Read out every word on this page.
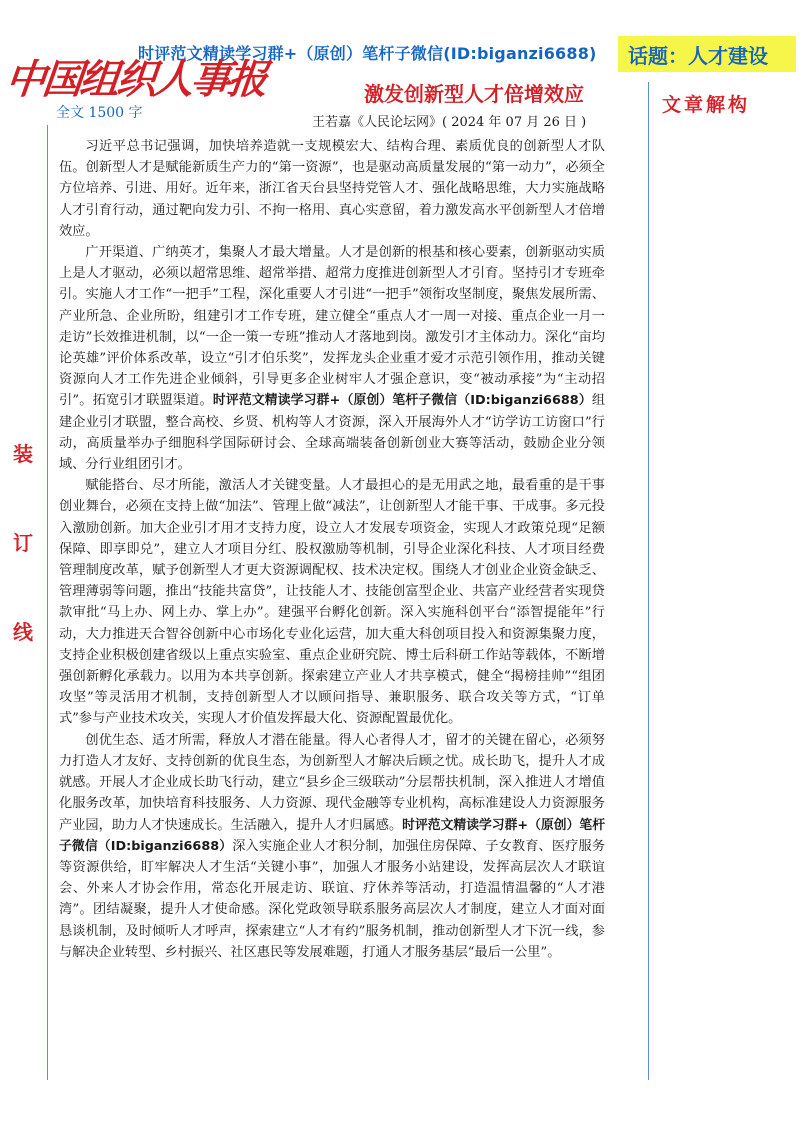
时评范文精读学习群+（原创）笔杆子微信(ID:biganzi6688)	话题：人才建设
中国组织人事报
全文 1500 字
激发创新型人才倍增效应	文章解构
王若嘉《人民论坛网》( 2024 年 07 月 26 日 )
装
订
线

习近平总书记强调，加快培养造就一支规模宏大、结构合理、素质优良的创新型人才队伍。创新型人才是赋能新质生产力的“第一资源”，也是驱动高质量发展的“第一动力”，必须全方位培养、引进、用好。近年来，浙江省天台县坚持党管人才、强化战略思维，大力实施战略人才引育行动，通过靶向发力引、不拘一格用、真心实意留，着力激发高水平创新型人才倍增效应。

广开渠道、广纳英才，集聚人才最大增量。人才是创新的根基和核心要素，创新驱动实质上是人才驱动，必须以超常思维、超常举措、超常力度推进创新型人才引育。坚持引才专班牵引。实施人才工作“一把手”工程，深化重要人才引进“一把手”领衔攻坚制度，聚焦发展所需、产业所急、企业所盼，组建引才工作专班，建立健全“重点人才一周一对接、重点企业一月一走访”长效推进机制，以“一企一策一专班”推动人才落地到岗。激发引才主体动力。深化“亩均论英雄”评价体系改革，设立“引才伯乐奖”，发挥龙头企业重才爱才示范引领作用，推动关键资源向人才工作先进企业倾斜，引导更多企业树牢人才强企意识，变“被动承接”为“主动招引”。拓宽引才联盟渠道。时评范文精读学习群+（原创）笔杆子微信（ID:biganzi6688）组建企业引才联盟，整合高校、乡贤、机构等人才资源，深入开展海外人才“访学访工访窗口”行动，高质量举办子细胞科学国际研讨会、全球高端装备创新创业大赛等活动，鼓励企业分领域、分行业组团引才。

赋能搭台、尽才所能，激活人才关键变量。人才最担心的是无用武之地，最看重的是干事创业舞台，必须在支持上做“加法”、管理上做“减法”，让创新型人才能干事、干成事。多元投入激励创新。加大企业引才用才支持力度，设立人才发展专项资金，实现人才政策兑现“足额保障、即享即兑”，建立人才项目分红、股权激励等机制，引导企业深化科技、人才项目经费管理制度改革，赋予创新型人才更大资源调配权、技术决定权。围绕人才创业企业资金缺乏、管理薄弱等问题，推出“技能共富贷”，让技能人才、技能创富型企业、共富产业经营者实现贷款审批“马上办、网上办、掌上办”。建强平台孵化创新。深入实施科创平台“添智提能年”行动，大力推进天合智谷创新中心市场化专业化运营，加大重大科创项目投入和资源集聚力度，支持企业积极创建省级以上重点实验室、重点企业研究院、博士后科研工作站等载体，不断增强创新孵化承载力。以用为本共享创新。探索建立产业人才共享模式，健全“揭榜挂帅”“组团攻坚”等灵活用才机制，支持创新型人才以顾问指导、兼职服务、联合攻关等方式，“订单式”参与产业技术攻关，实现人才价值发挥最大化、资源配置最优化。

创优生态、适才所需，释放人才潜在能量。得人心者得人才，留才的关键在留心，必须努力打造人才友好、支持创新的优良生态，为创新型人才解决后顾之忧。成长助飞，提升人才成就感。开展人才企业成长助飞行动，建立“县乡企三级联动”分层帮扶机制，深入推进人才增值化服务改革，加快培育科技服务、人力资源、现代金融等专业机构，高标准建设人力资源服务产业园，助力人才快速成长。生活融入，提升人才归属感。时评范文精读学习群+（原创）笔杆子微信（ID:biganzi6688）深入实施企业人才积分制，加强住房保障、子女教育、医疗服务等资源供给，盯牢解决人才生活“关键小事”，加强人才服务小站建设，发挥高层次人才联谊会、外来人才协会作用，常态化开展走访、联谊、疗休养等活动，打造温情温馨的“人才港湾”。团结凝聚，提升人才使命感。深化党政领导联系服务高层次人才制度，建立人才面对面恳谈机制，及时倾听人才呼声，探索建立“人才有约”服务机制，推动创新型人才下沉一线，参与解决企业转型、乡村振兴、社区惠民等发展难题，打通人才服务基层“最后一公里”。
